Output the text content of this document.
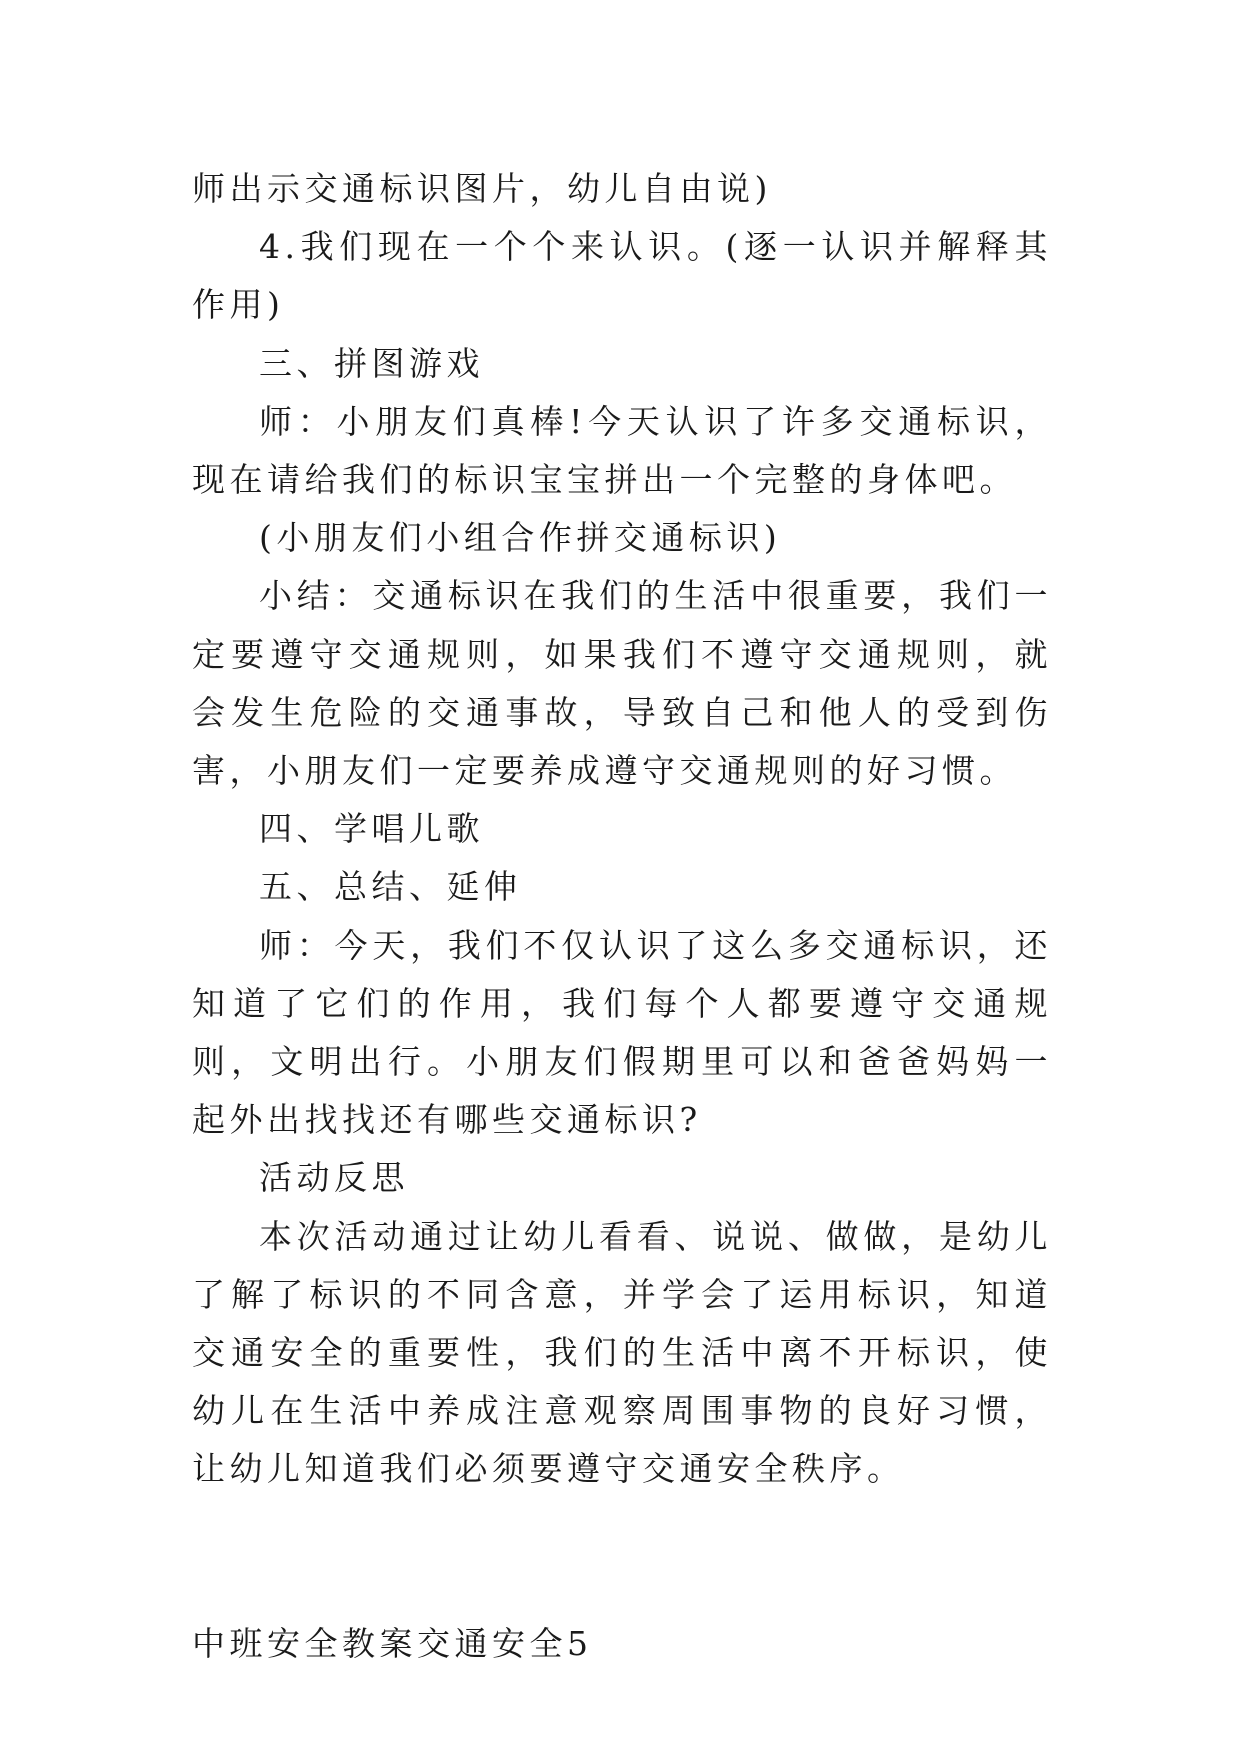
师出示交通标识图片，幼儿自由说)

4.我们现在一个个来认识。(逐一认识并解释其作用)

三、拼图游戏

师：小朋友们真棒!今天认识了许多交通标识，现在请给我们的标识宝宝拼出一个完整的身体吧。

(小朋友们小组合作拼交通标识)

小结：交通标识在我们的生活中很重要，我们一定要遵守交通规则，如果我们不遵守交通规则，就会发生危险的交通事故，导致自己和他人的受到伤害，小朋友们一定要养成遵守交通规则的好习惯。

四、学唱儿歌

五、总结、延伸

师：今天，我们不仅认识了这么多交通标识，还知道了它们的作用，我们每个人都要遵守交通规则，文明出行。小朋友们假期里可以和爸爸妈妈一起外出找找还有哪些交通标识?

活动反思

本次活动通过让幼儿看看、说说、做做，是幼儿了解了标识的不同含意，并学会了运用标识，知道交通安全的重要性，我们的生活中离不开标识，使幼儿在生活中养成注意观察周围事物的良好习惯，让幼儿知道我们必须要遵守交通安全秩序。

中班安全教案交通安全5
